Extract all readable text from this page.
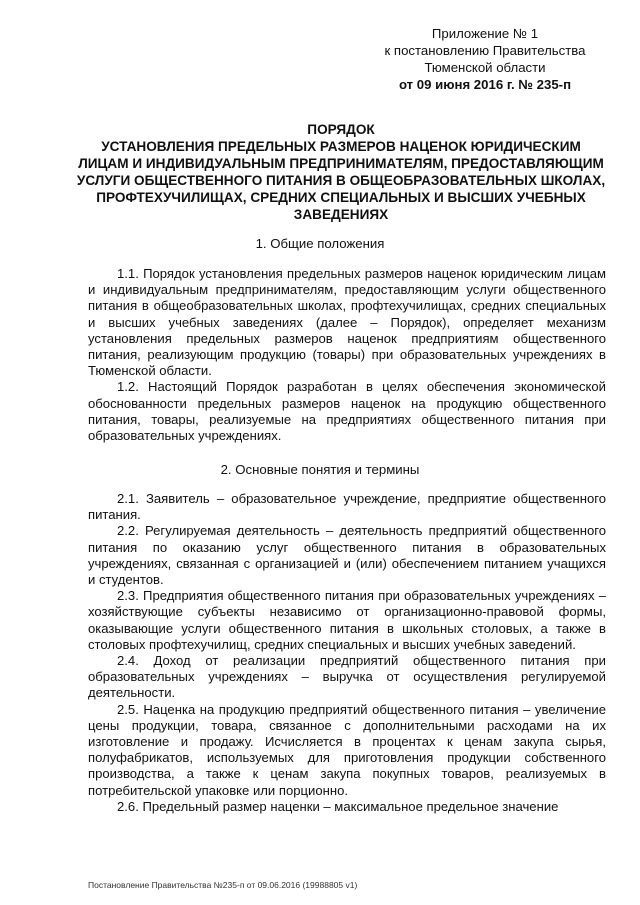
Приложение № 1
к постановлению Правительства
Тюменской области
от 09 июня 2016 г. № 235-п
ПОРЯДОК
УСТАНОВЛЕНИЯ ПРЕДЕЛЬНЫХ РАЗМЕРОВ НАЦЕНОК ЮРИДИЧЕСКИМ ЛИЦАМ И ИНДИВИДУАЛЬНЫМ ПРЕДПРИНИМАТЕЛЯМ, ПРЕДОСТАВЛЯЮЩИМ УСЛУГИ ОБЩЕСТВЕННОГО ПИТАНИЯ В ОБЩЕОБРАЗОВАТЕЛЬНЫХ ШКОЛАХ, ПРОФТЕХУЧИЛИЩАХ, СРЕДНИХ СПЕЦИАЛЬНЫХ И ВЫСШИХ УЧЕБНЫХ ЗАВЕДЕНИЯХ
1. Общие положения

1.1. Порядок установления предельных размеров наценок юридическим лицам и индивидуальным предпринимателям, предоставляющим услуги общественного питания в общеобразовательных школах, профтехучилищах, средних специальных и высших учебных заведениях (далее – Порядок), определяет механизм установления предельных размеров наценок предприятиям общественного питания, реализующим продукцию (товары) при образовательных учреждениях в Тюменской области.

1.2. Настоящий Порядок разработан в целях обеспечения экономической обоснованности предельных размеров наценок на продукцию общественного питания, товары, реализуемые на предприятиях общественного питания при образовательных учреждениях.

2. Основные понятия и термины

2.1. Заявитель – образовательное учреждение, предприятие общественного питания.

2.2. Регулируемая деятельность – деятельность предприятий общественного питания по оказанию услуг общественного питания в образовательных учреждениях, связанная с организацией и (или) обеспечением питанием учащихся и студентов.

2.3. Предприятия общественного питания при образовательных учреждениях – хозяйствующие субъекты независимо от организационно-правовой формы, оказывающие услуги общественного питания в школьных столовых, а также в столовых профтехучилищ, средних специальных и высших учебных заведений.

2.4. Доход от реализации предприятий общественного питания при образовательных учреждениях – выручка от осуществления регулируемой деятельности.

2.5. Наценка на продукцию предприятий общественного питания – увеличение цены продукции, товара, связанное с дополнительными расходами на их изготовление и продажу. Исчисляется в процентах к ценам закупа сырья, полуфабрикатов, используемых для приготовления продукции собственного производства, а также к ценам закупа покупных товаров, реализуемых в потребительской упаковке или порционно.

2.6. Предельный размер наценки – максимальное предельное значение

Постановление Правительства №235-п от 09.06.2016 (19988805 v1)
